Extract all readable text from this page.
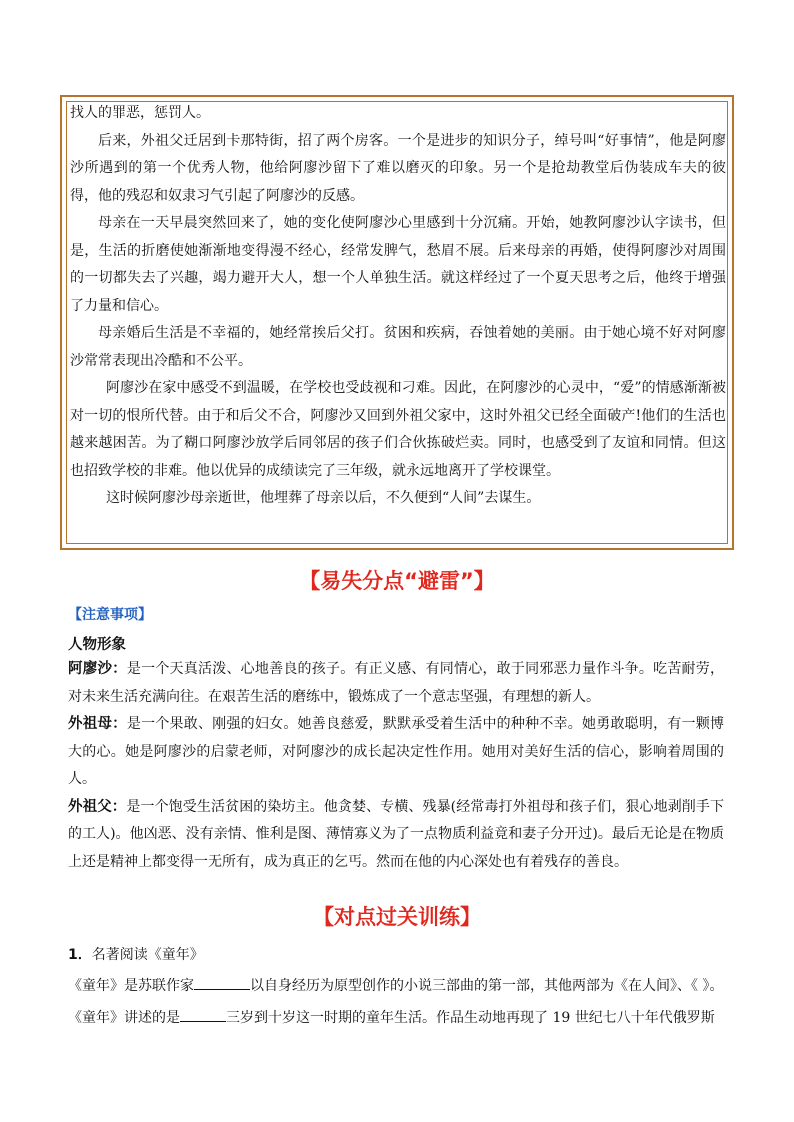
找人的罪恶，惩罚人。

后来，外祖父迁居到卡那特街，招了两个房客。一个是进步的知识分子，绰号叫“好事情”，他是阿廖沙所遇到的第一个优秀人物，他给阿廖沙留下了难以磨灭的印象。另一个是抢劫教堂后伪装成车夫的彼得，他的残忍和奴隶习气引起了阿廖沙的反感。

母亲在一天早晨突然回来了，她的变化使阿廖沙心里感到十分沉痛。开始，她教阿廖沙认字读书，但是，生活的折磨使她渐渐地变得漫不经心，经常发脾气，愁眉不展。后来母亲的再婚，使得阿廖沙对周围的一切都失去了兴趣，竭力避开大人，想一个人单独生活。就这样经过了一个夏天思考之后，他终于增强了力量和信心。

母亲婚后生活是不幸福的，她经常挨后父打。贫困和疾病，吞蚀着她的美丽。由于她心境不好对阿廖沙常常表现出冷酷和不公平。

阿廖沙在家中感受不到温暖，在学校也受歧视和刁难。因此，在阿廖沙的心灵中，“爱”的情感渐渐被对一切的恨所代替。由于和后父不合，阿廖沙又回到外祖父家中，这时外祖父已经全面破产!他们的生活也越来越困苦。为了糊口阿廖沙放学后同邻居的孩子们合伙拣破烂卖。同时，也感受到了友谊和同情。但这也招致学校的非难。他以优异的成绩读完了三年级，就永远地离开了学校课堂。

这时候阿廖沙母亲逝世，他埋葬了母亲以后，不久便到“人间”去谋生。

【易失分点“避雷”】
【注意事项】
人物形象

阿廖沙：是一个天真活泼、心地善良的孩子。有正义感、有同情心，敢于同邪恶力量作斗争。吃苦耐劳，对未来生活充满向往。在艰苦生活的磨练中，锻炼成了一个意志坚强，有理想的新人。

外祖母：是一个果敢、刚强的妇女。她善良慈爱，默默承受着生活中的种种不幸。她勇敢聪明，有一颗博大的心。她是阿廖沙的启蒙老师，对阿廖沙的成长起决定性作用。她用对美好生活的信心，影响着周围的人。

外祖父：是一个饱受生活贫困的染坊主。他贪婪、专横、残暴(经常毒打外祖母和孩子们，狠心地剥削手下的工人)。他凶恶、没有亲情、惟利是图、薄情寡义为了一点物质利益竟和妻子分开过)。最后无论是在物质上还是精神上都变得一无所有，成为真正的乞丐。然而在他的内心深处也有着残存的善良。

【对点过关训练】
1．名著阅读《童年》
《童年》是苏联作家	以自身经历为原型创作的小说三部曲的第一部，其他两部为《在人间》、《 》。
《童年》讲述的是	三岁到十岁这一时期的童年生活。作品生动地再现了 19 世纪七八十年代俄罗斯
